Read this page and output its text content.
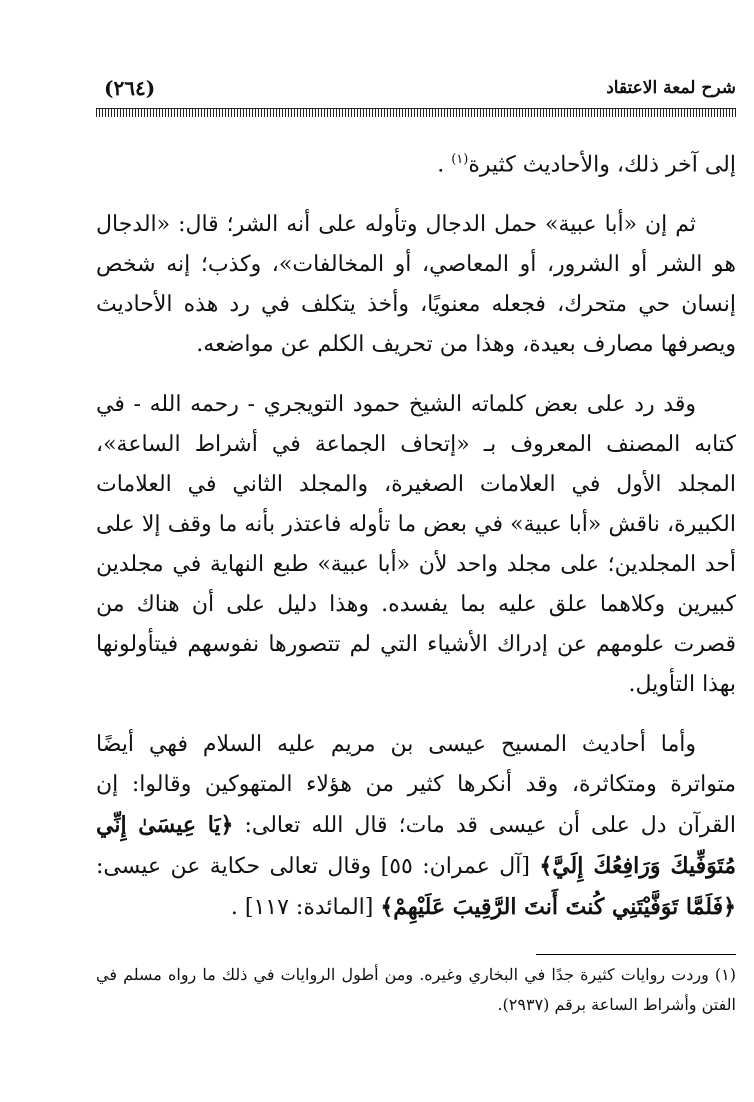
شرح لمعة الاعتقاد
(٢٦٤)

إلى آخر ذلك، والأحاديث كثيرة$^{(١)}$ .

ثم إن «أبا عبية» حمل الدجال وتأوله على أنه الشر؛ قال: «الدجال هو الشر أو الشرور، أو المعاصي، أو المخالفات»، وكذب؛ إنه شخص إنسان حي متحرك، فجعله معنويًا، وأخذ يتكلف في رد هذه الأحاديث ويصرفها مصارف بعيدة، وهذا من تحريف الكلم عن مواضعه.

وقد رد على بعض كلماته الشيخ حمود التويجري - رحمه الله - في كتابه المصنف المعروف بـ «إتحاف الجماعة في أشراط الساعة»، المجلد الأول في العلامات الصغيرة، والمجلد الثاني في العلامات الكبيرة، ناقش «أبا عبية» في بعض ما تأوله فاعتذر بأنه ما وقف إلا على أحد المجلدين؛ على مجلد واحد لأن «أبا عبية» طبع النهاية في مجلدين كبيرين وكلاهما علق عليه بما يفسده. وهذا دليل على أن هناك من قصرت علومهم عن إدراك الأشياء التي لم تتصورها نفوسهم فيتأولونها بهذا التأويل.

وأما أحاديث المسيح عيسى بن مريم عليه السلام فهي أيضًا متواترة ومتكاثرة، وقد أنكرها كثير من هؤلاء المتهوكين وقالوا: إن القرآن دل على أن عيسى قد مات؛ قال الله تعالى: ﴿يَا عِيسَىٰ إِنِّي مُتَوَفِّيكَ وَرَافِعُكَ إِلَيَّ﴾ [آل عمران: ٥٥] وقال تعالى حكاية عن عيسى: ﴿فَلَمَّا تَوَفَّيْتَنِي كُنتَ أَنتَ الرَّقِيبَ عَلَيْهِمْ﴾ [المائدة: ١١٧] .

(١) وردت روايات كثيرة جدًا في البخاري وغيره. ومن أطول الروايات في ذلك ما رواه مسلم في الفتن وأشراط الساعة برقم (٢٩٣٧).
